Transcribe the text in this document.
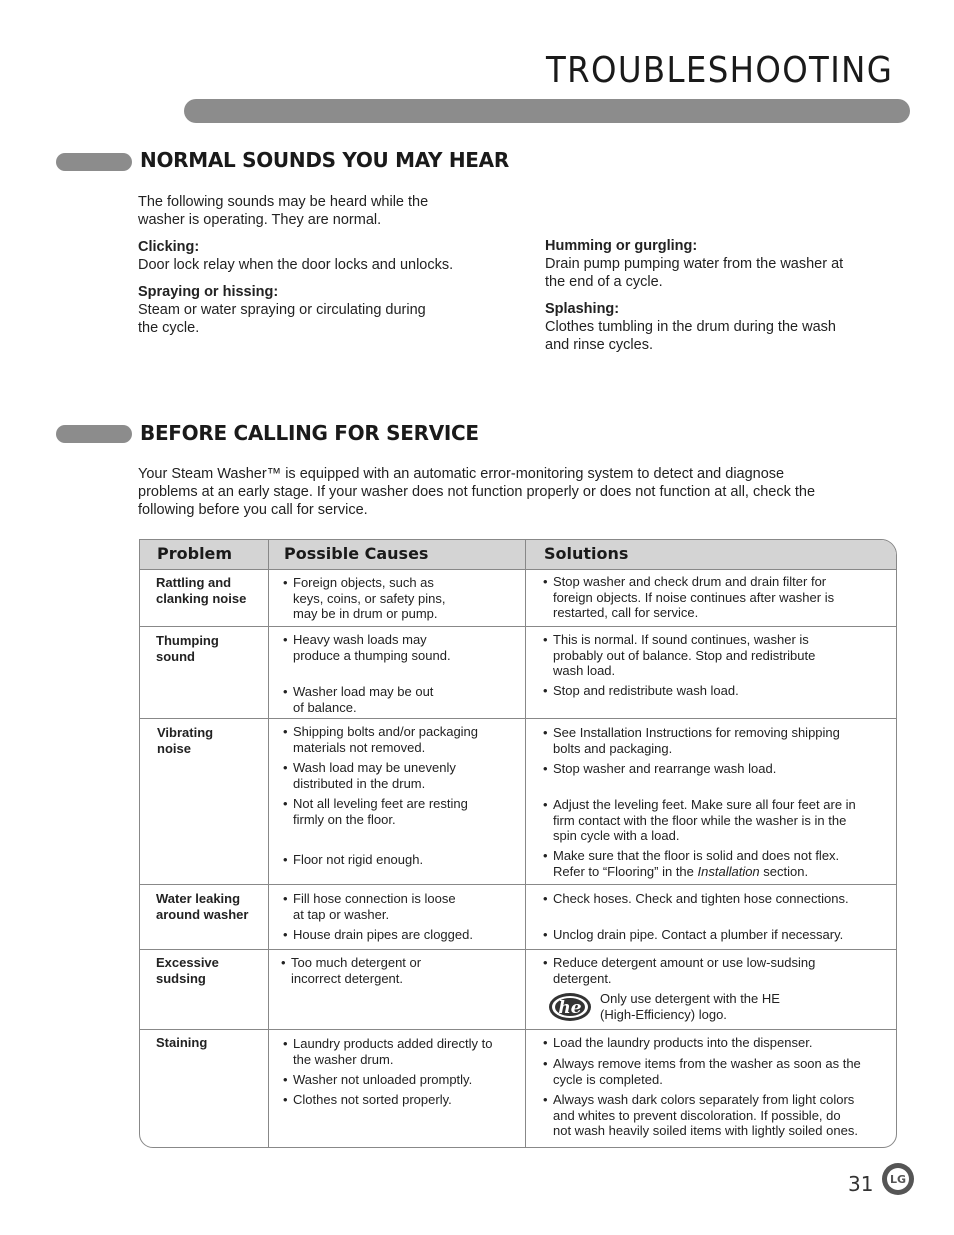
TROUBLESHOOTING
NORMAL SOUNDS YOU MAY HEAR
The following sounds may be heard while the
washer is operating. They are normal.
Clicking:
Door lock relay when the door locks and unlocks.
Spraying or hissing:
Steam or water spraying or circulating during
the cycle.
Humming or gurgling:
Drain pump pumping water from the washer at
the end of a cycle.
Splashing:
Clothes tumbling in the drum during the wash
and rinse cycles.
BEFORE CALLING FOR SERVICE
Your Steam Washer™ is equipped with an automatic error-monitoring system to detect and diagnose
problems at an early stage. If your washer does not function properly or does not function at all, check the
following before you call for service.
Problem	Possible Causes	Solutions
Rattling and
clanking noise
• Foreign objects, such as
keys, coins, or safety pins,
may be in drum or pump.
• Stop washer and check drum and drain filter for
foreign objects. If noise continues after washer is
restarted, call for service.
Thumping
sound
• Heavy wash loads may
produce a thumping sound.
• Washer load may be out
of balance.
• This is normal. If sound continues, washer is
probably out of balance. Stop and redistribute
wash load.
• Stop and redistribute wash load.
Vibrating
noise
• Shipping bolts and/or packaging
materials not removed.
• Wash load may be unevenly
distributed in the drum.
• Not all leveling feet are resting
firmly on the floor.
• Floor not rigid enough.
• See Installation Instructions for removing shipping
bolts and packaging.
• Stop washer and rearrange wash load.
• Adjust the leveling feet. Make sure all four feet are in
firm contact with the floor while the washer is in the
spin cycle with a load.
• Make sure that the floor is solid and does not flex.
Refer to “Flooring” in the Installation section.
Water leaking
around washer
• Fill hose connection is loose
at tap or washer.
• House drain pipes are clogged.
• Check hoses. Check and tighten hose connections.
• Unclog drain pipe. Contact a plumber if necessary.
Excessive
sudsing
• Too much detergent or
incorrect detergent.
• Reduce detergent amount or use low-sudsing
detergent.
he Only use detergent with the HE
(High-Efficiency) logo.
Staining
•	Laundry products added directly to
the washer drum.
• Washer not unloaded promptly.
• Clothes not sorted properly.
• Load the laundry products into the dispenser.
• Always remove items from the washer as soon as the
cycle is completed.
• Always wash dark colors separately from light colors
and whites to prevent discoloration. If possible, do
not wash heavily soiled items with lightly soiled ones.
31 LG
